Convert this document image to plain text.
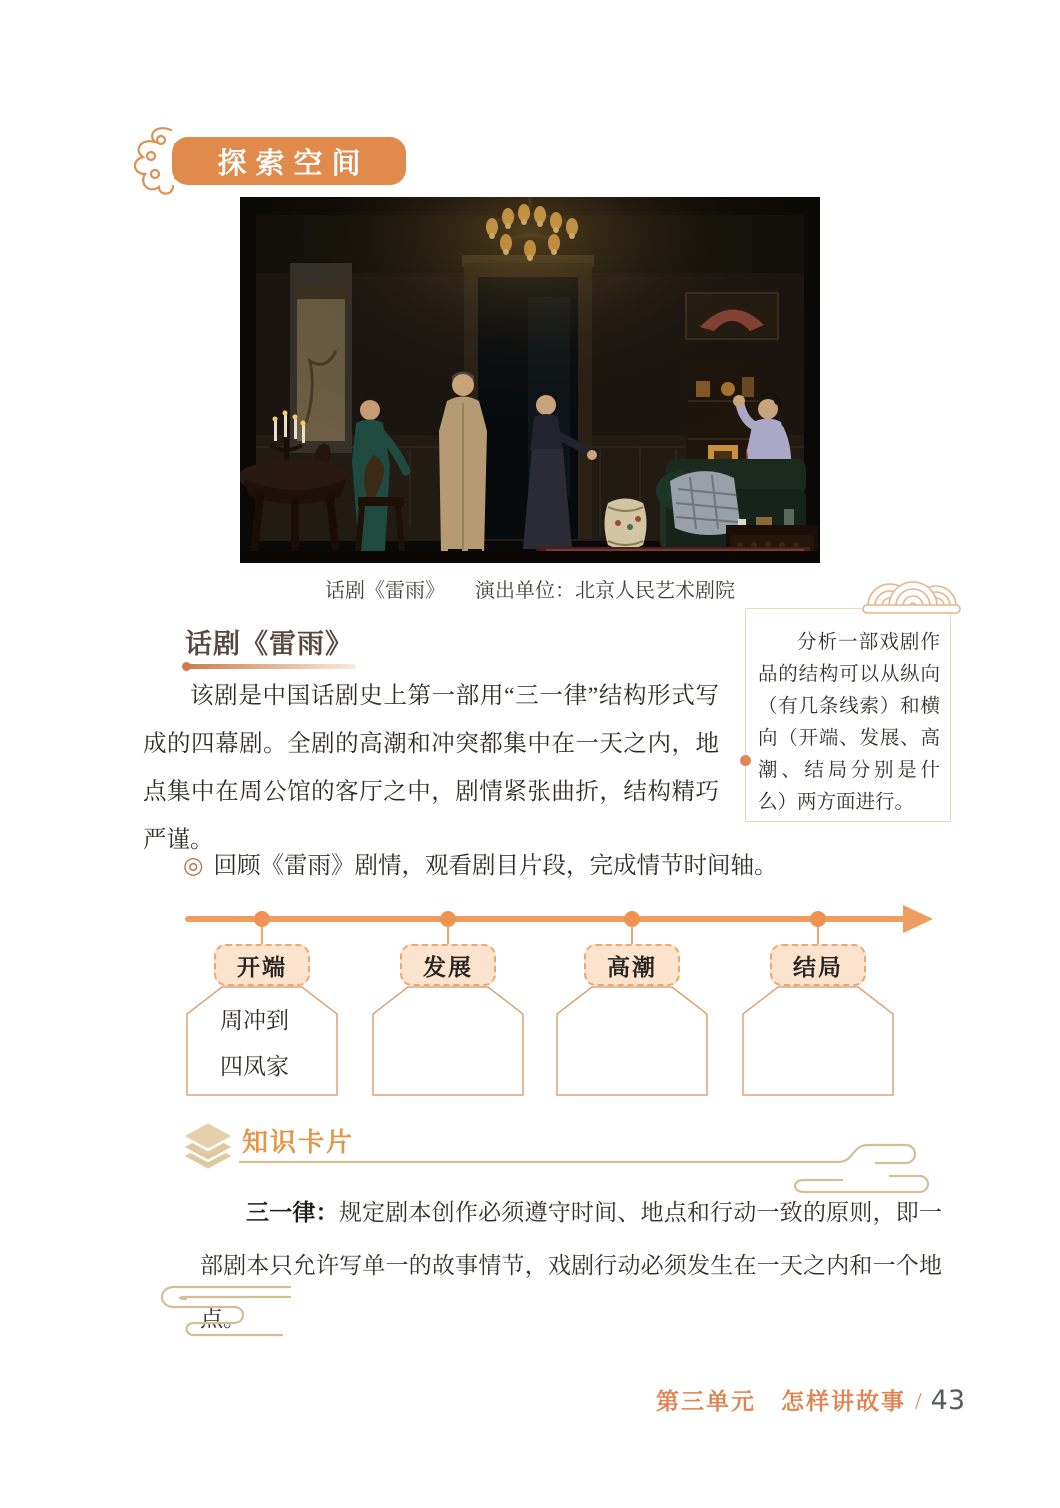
探索空间
话剧《雷雨》 演出单位：北京人民艺术剧院
话剧《雷雨》
该剧是中国话剧史上第一部用“三一律”结构形式写成的四幕剧。全剧的高潮和冲突都集中在一天之内，地点集中在周公馆的客厅之中，剧情紧张曲折，结构精巧严谨。
分析一部戏剧作品的结构可以从纵向（有几条线索）和横向（开端、发展、高潮、结局分别是什么）两方面进行。
◎ 回顾《雷雨》剧情，观看剧目片段，完成情节时间轴。
开端	发展	高潮	结局
周冲到
四凤家
知识卡片
三一律：规定剧本创作必须遵守时间、地点和行动一致的原则，即一部剧本只允许写单一的故事情节，戏剧行动必须发生在一天之内和一个地点。
第三单元　怎样讲故事 / 43
